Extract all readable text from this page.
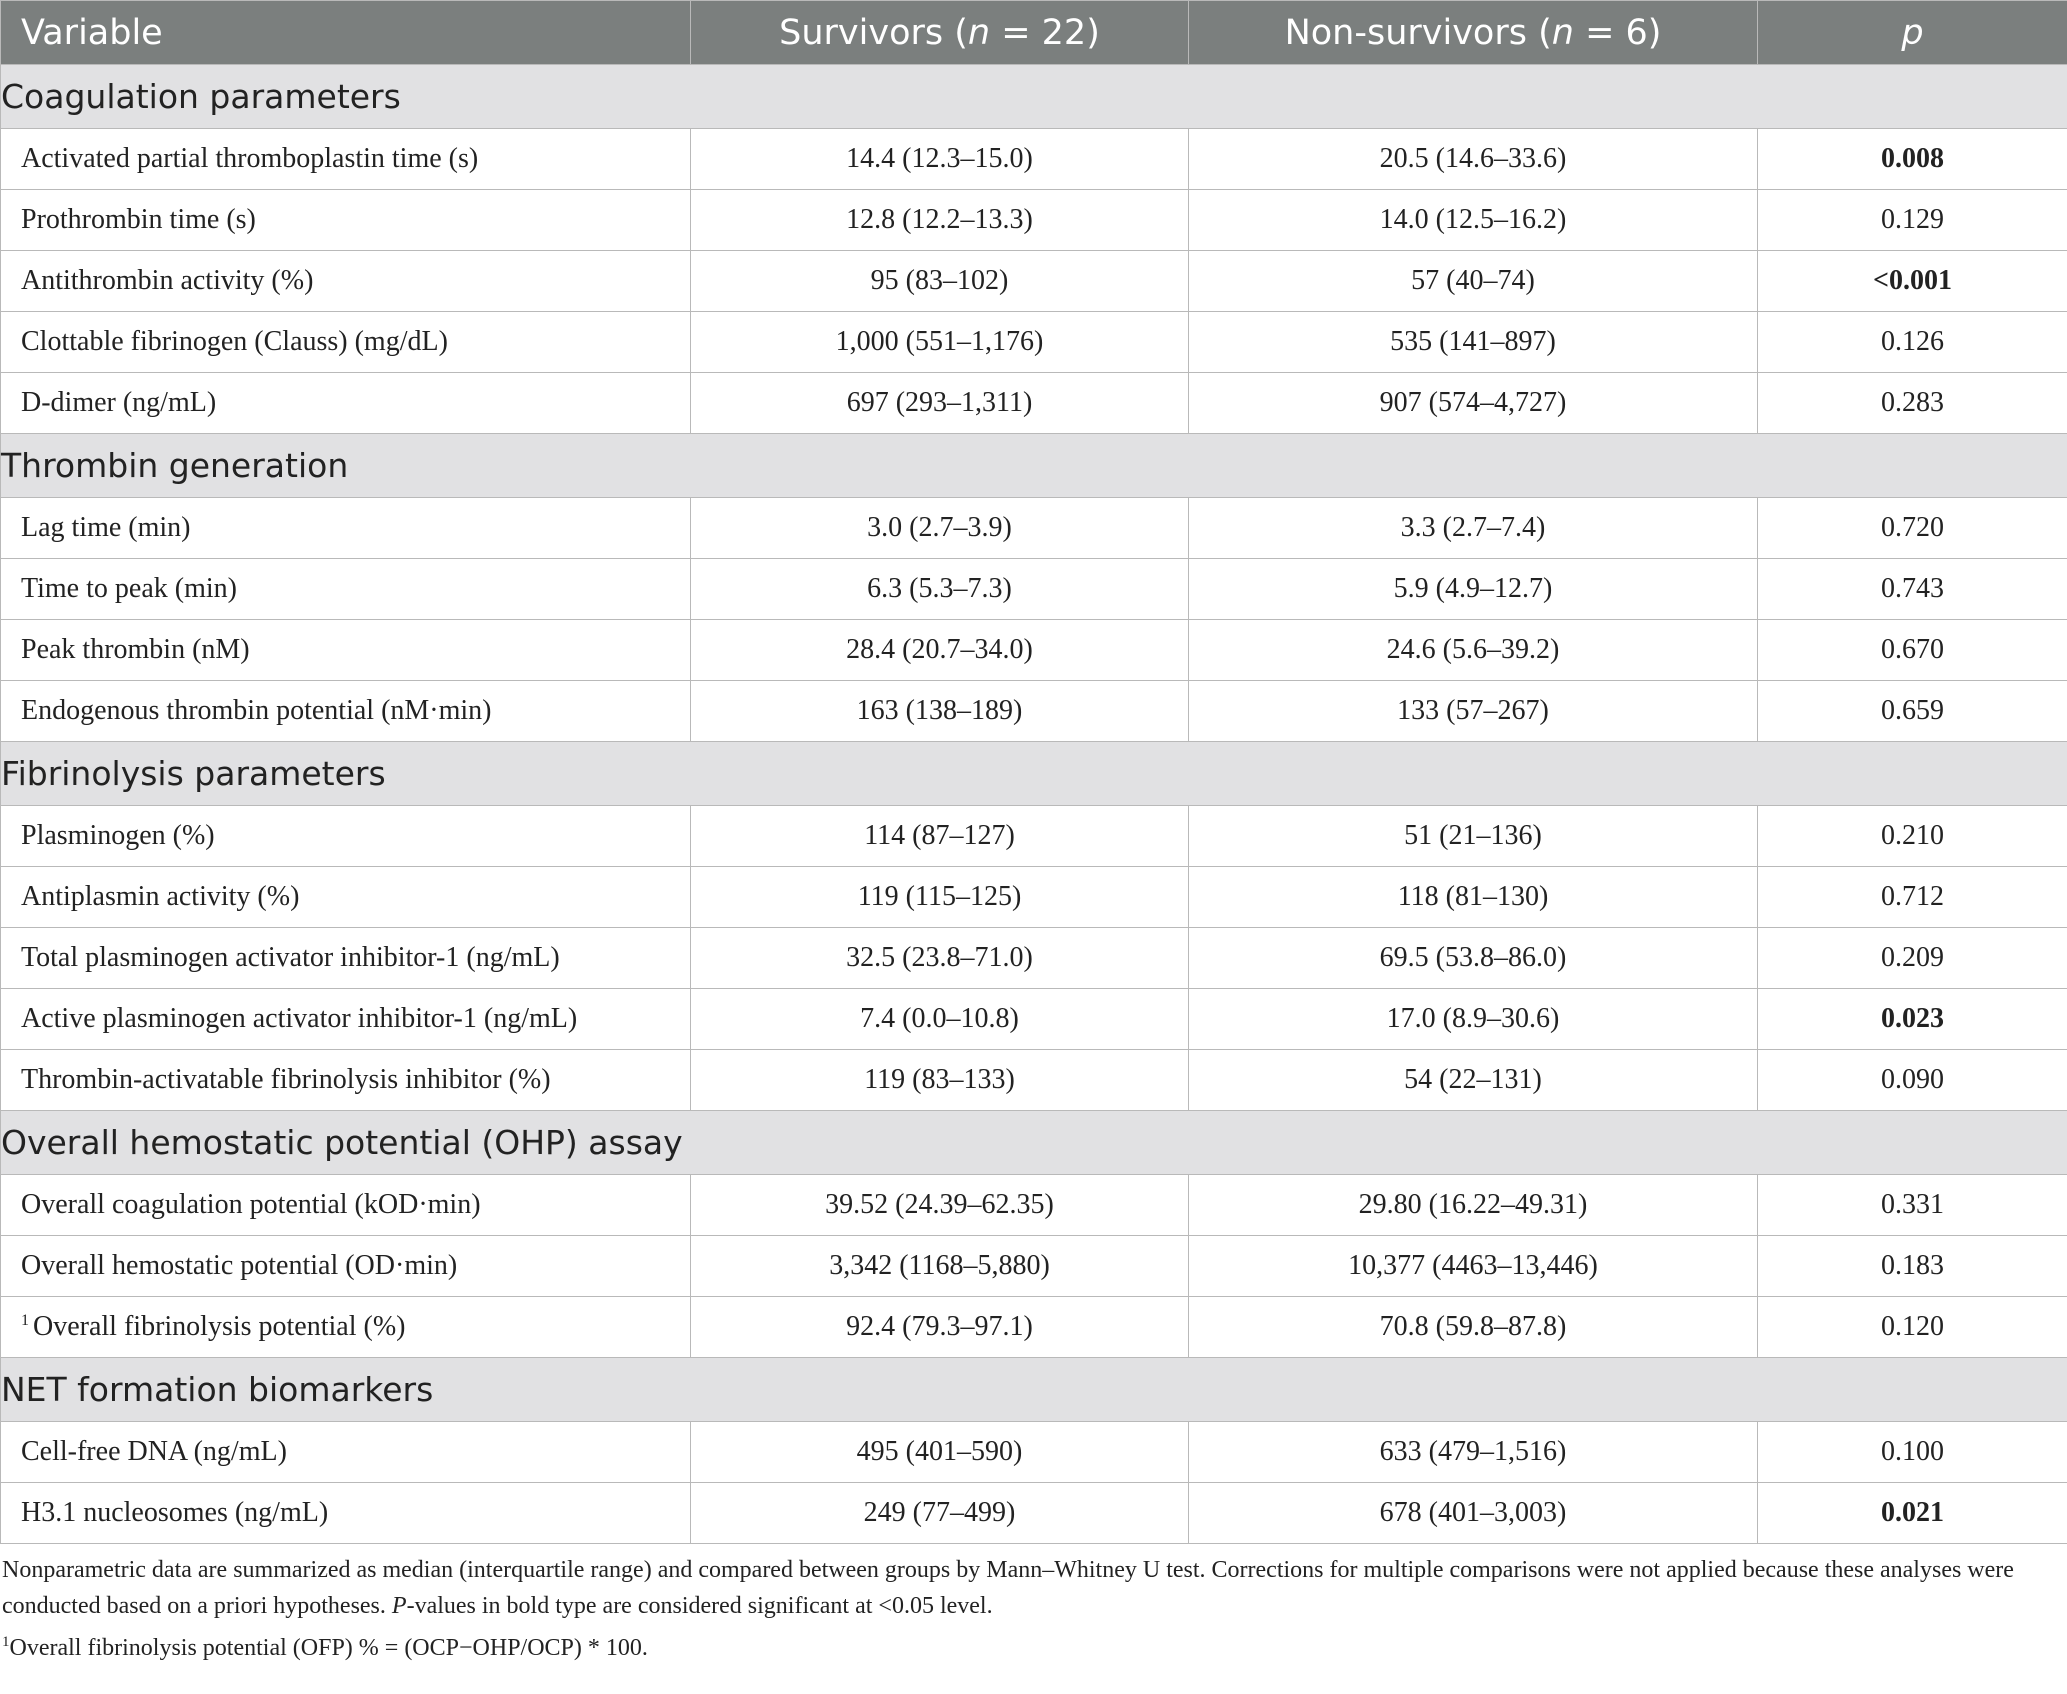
Variable	Survivors (n = 22)	Non-survivors (n = 6)	p
Coagulation parameters			
Activated partial thromboplastin time (s)	14.4 (12.3–15.0)	20.5 (14.6–33.6)	0.008
Prothrombin time (s)	12.8 (12.2–13.3)	14.0 (12.5–16.2)	0.129
Antithrombin activity (%)	95 (83–102)	57 (40–74)	<0.001
Clottable fibrinogen (Clauss) (mg/dL)	1,000 (551–1,176)	535 (141–897)	0.126
D-dimer (ng/mL)	697 (293–1,311)	907 (574–4,727)	0.283
Thrombin generation			
Lag time (min)	3.0 (2.7–3.9)	3.3 (2.7–7.4)	0.720
Time to peak (min)	6.3 (5.3–7.3)	5.9 (4.9–12.7)	0.743
Peak thrombin (nM)	28.4 (20.7–34.0)	24.6 (5.6–39.2)	0.670
Endogenous thrombin potential (nM·min)	163 (138–189)	133 (57–267)	0.659
Fibrinolysis parameters			
Plasminogen (%)	114 (87–127)	51 (21–136)	0.210
Antiplasmin activity (%)	119 (115–125)	118 (81–130)	0.712
Total plasminogen activator inhibitor-1 (ng/mL)	32.5 (23.8–71.0)	69.5 (53.8–86.0)	0.209
Active plasminogen activator inhibitor-1 (ng/mL)	7.4 (0.0–10.8)	17.0 (8.9–30.6)	0.023
Thrombin-activatable fibrinolysis inhibitor (%)	119 (83–133)	54 (22–131)	0.090
Overall hemostatic potential (OHP) assay			
Overall coagulation potential (kOD·min)	39.52 (24.39–62.35)	29.80 (16.22–49.31)	0.331
Overall hemostatic potential (OD·min)	3,342 (1168–5,880)	10,377 (4463–13,446)	0.183
$^1$ Overall fibrinolysis potential (%)	92.4 (79.3–97.1)	70.8 (59.8–87.8)	0.120
NET formation biomarkers			
Cell-free DNA (ng/mL)	495 (401–590)	633 (479–1,516)	0.100
H3.1 nucleosomes (ng/mL)	249 (77–499)	678 (401–3,003)	0.021

Nonparametric data are summarized as median (interquartile range) and compared between groups by Mann–Whitney U test. Corrections for multiple comparisons were not applied because these analyses were conducted based on a priori hypotheses. P-values in bold type are considered significant at <0.05 level.

$^1$Overall fibrinolysis potential (OFP) % = (OCP−OHP/OCP) * 100.
